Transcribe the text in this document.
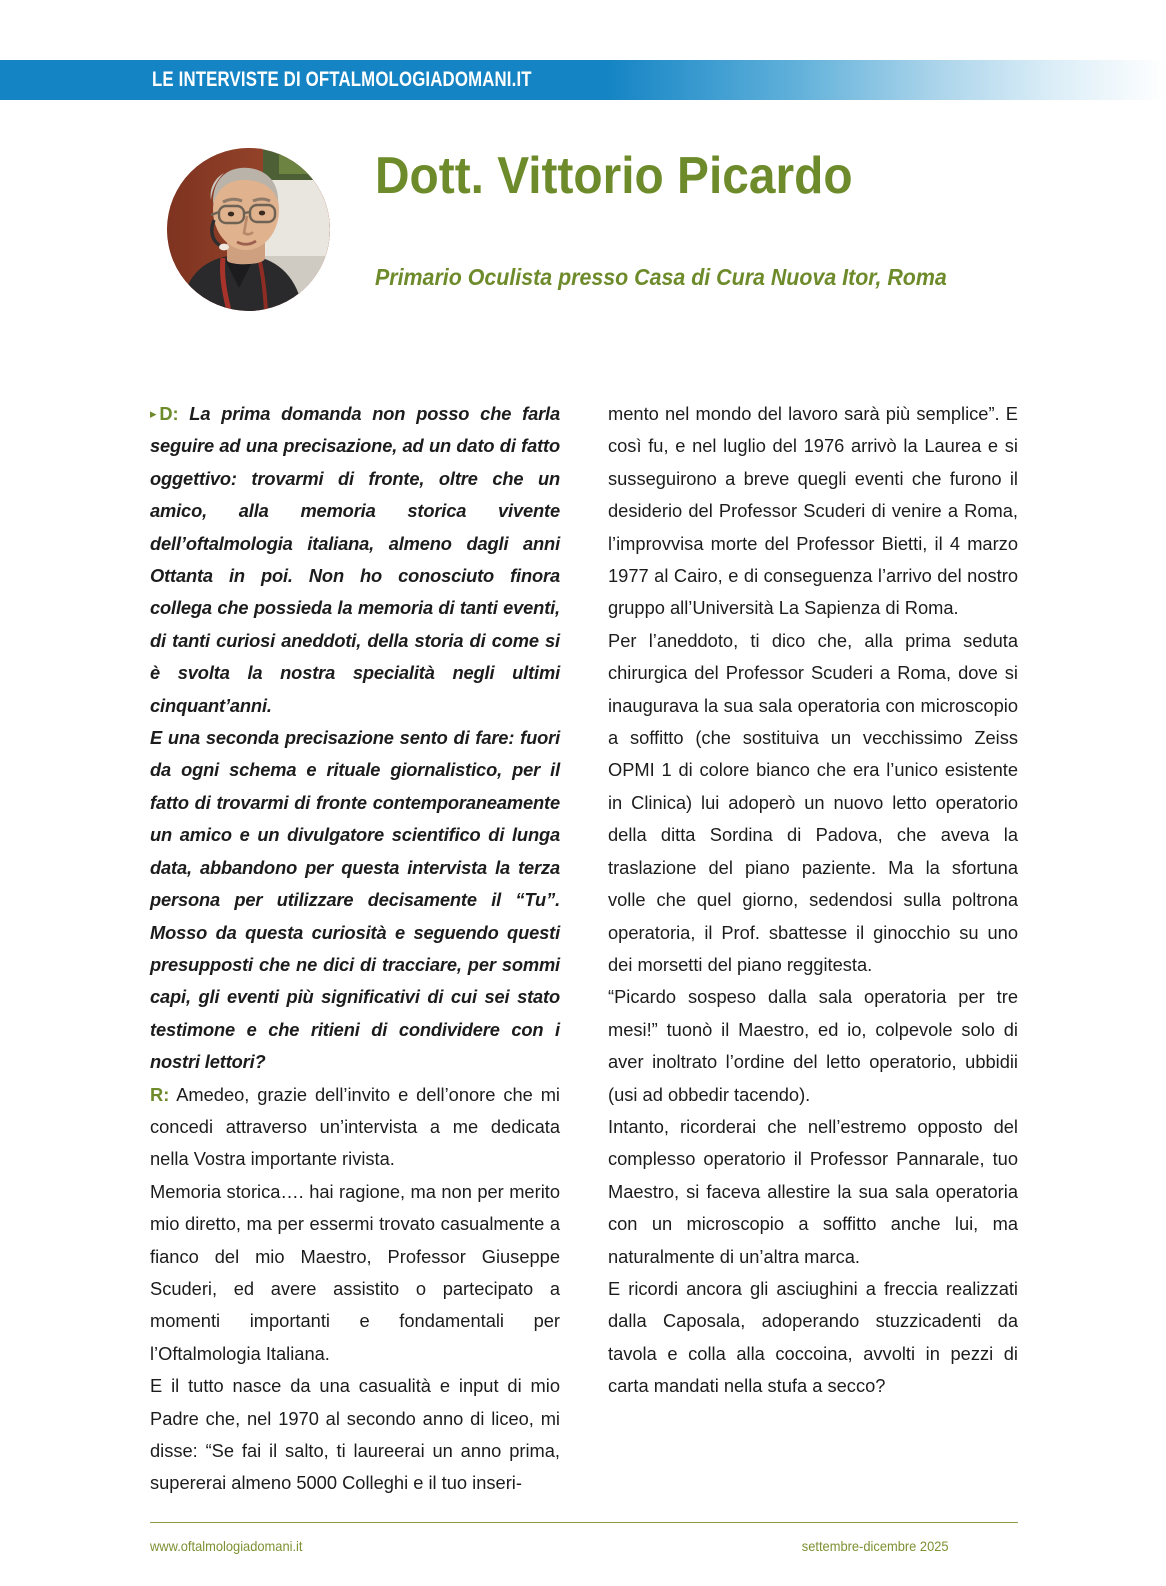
LE INTERVISTE DI OFTALMOLOGIADOMANI.IT
Dott. Vittorio Picardo
Primario Oculista presso Casa di Cura Nuova Itor, Roma

▸ D: La prima domanda non posso che farla seguire ad una precisazione, ad un dato di fatto oggettivo: trovarmi di fronte, oltre che un amico, alla memoria storica vivente dell’oftalmologia italiana, almeno dagli anni Ottanta in poi. Non ho conosciuto finora collega che possieda la memoria di tanti eventi, di tanti curiosi aneddoti, della storia di come si è svolta la nostra specialità negli ultimi cinquant’anni.

E una seconda precisazione sento di fare: fuori da ogni schema e rituale giornalistico, per il fatto di trovarmi di fronte contemporaneamente un amico e un divulgatore scientifico di lunga data, abbandono per questa intervista la terza persona per utilizzare decisamente il “Tu”. Mosso da questa curiosità e seguendo questi presupposti che ne dici di tracciare, per sommi capi, gli eventi più significativi di cui sei stato testimone e che ritieni di condividere con i nostri lettori?

R: Amedeo, grazie dell’invito e dell’onore che mi concedi attraverso un’intervista a me dedicata nella Vostra importante rivista.

Memoria storica…. hai ragione, ma non per merito mio diretto, ma per essermi trovato casualmente a fianco del mio Maestro, Professor Giuseppe Scuderi, ed avere assistito o partecipato a momenti importanti e fondamentali per l’Oftalmologia Italiana.

E il tutto nasce da una casualità e input di mio Padre che, nel 1970 al secondo anno di liceo, mi disse: “Se fai il salto, ti laureerai un anno prima, supererai almeno 5000 Colleghi e il tuo inseri-

mento nel mondo del lavoro sarà più semplice”. E così fu, e nel luglio del 1976 arrivò la Laurea e si susseguirono a breve quegli eventi che furono il desiderio del Professor Scuderi di venire a Roma, l’improvvisa morte del Professor Bietti, il 4 marzo 1977 al Cairo, e di conseguenza l’arrivo del nostro gruppo all’Università La Sapienza di Roma.

Per l’aneddoto, ti dico che, alla prima seduta chirurgica del Professor Scuderi a Roma, dove si inaugurava la sua sala operatoria con microscopio a soffitto (che sostituiva un vecchissimo Zeiss OPMI 1 di colore bianco che era l’unico esistente in Clinica) lui adoperò un nuovo letto operatorio della ditta Sordina di Padova, che aveva la traslazione del piano paziente. Ma la sfortuna volle che quel giorno, sedendosi sulla poltrona operatoria, il Prof. sbattesse il ginocchio su uno dei morsetti del piano reggitesta.

“Picardo sospeso dalla sala operatoria per tre mesi!” tuonò il Maestro, ed io, colpevole solo di aver inoltrato l’ordine del letto operatorio, ubbidii (usi ad obbedir tacendo).

Intanto, ricorderai che nell’estremo opposto del complesso operatorio il Professor Pannarale, tuo Maestro, si faceva allestire la sua sala operatoria con un microscopio a soffitto anche lui, ma naturalmente di un’altra marca.

E ricordi ancora gli asciughini a freccia realizzati dalla Caposala, adoperando stuzzicadenti da tavola e colla alla coccoina, avvolti in pezzi di carta mandati nella stufa a secco?

www.oftalmologiadomani.it	settembre-dicembre 2025
